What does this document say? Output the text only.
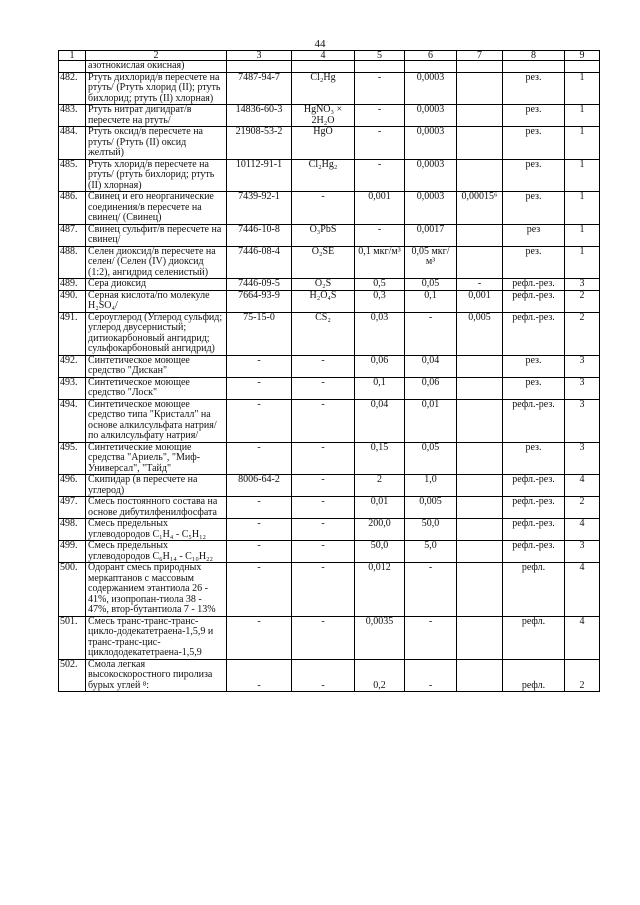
44
1	2	3	4	5	6	7	8	9
	азотнокислая окисная)							
482.	Ртуть дихлорид/в пересчете на ртуть/ (Ртуть хлорид (II); ртуть бихлорид; ртуть (II) хлорная)	7487-94-7	Cl₂Hg	-	0,0003		рез.	1
483.	Ртуть нитрат дигидрат/в пересчете на ртуть/	14836-60-3	HgNO₃ × 2H₂O	-	0,0003		рез.	1
484.	Ртуть оксид/в пересчете на ртуть/ (Ртуть (II) оксид желтый)	21908-53-2	HgO	-	0,0003		рез.	1
485.	Ртуть хлорид/в пересчете на ртуть/ (ртуть бихлорид; ртуть (II) хлорная)	10112-91-1	Cl₂Hg₂	-	0,0003		рез.	1
486.	Свинец и его неорганические соединения/в пересчете на свинец/ (Свинец)	7439-92-1	-	0,001	0,0003	0,00015⁶	рез.	1
487.	Свинец сульфит/в пересчете на свинец/	7446-10-8	O₃PbS	-	0,0017		рез	1
488.	Селен диоксид/в пересчете на селен/ (Селен (IV) диоксид (1:2), ангидрид селенистый)	7446-08-4	O₂SE	0,1 мкг/м³	0,05 мкг/м³		рез.	1
489.	Сера диоксид	7446-09-5	O₂S	0,5	0,05	-	рефл.-рез.	3
490.	Серная кислота/по молекуле H₂SO₄/	7664-93-9	H₂O₄S	0,3	0,1	0,001	рефл.-рез.	2
491.	Сероуглерод (Углерод сульфид; углерод двусернистый; дитиокарбоновый ангидрид; сульфокарбоновый ангидрид)	75-15-0	CS₂	0,03	-	0,005	рефл.-рез.	2
492.	Синтетическое моющее средство "Дискан"	-	-	0,06	0,04		рез.	3
493.	Синтетическое моющее средство "Лоск"	-	-	0,1	0,06		рез.	3
494.	Синтетическое моющее средство типа "Кристалл" на основе алкилсульфата натрия/по алкилсульфату натрия/	-	-	0,04	0,01		рефл.-рез.	3
495.	Синтетические моющие средства "Ариель", "Миф-Универсал", "Тайд"	-	-	0,15	0,05		рез.	3
496.	Скипидар (в пересчете на углерод)	8006-64-2	-	2	1,0		рефл.-рез.	4
497.	Смесь постоянного состава на основе дибутилфенилфосфата	-	-	0,01	0,005		рефл.-рез.	2
498.	Смесь предельных углеводородов C₁H₄ - C₅H₁₂	-	-	200,0	50,0		рефл.-рез.	4
499.	Смесь предельных углеводородов C₆H₁₄ - C₁₀H₂₂	-	-	50,0	5,0		рефл.-рез.	3
500.	Одорант смесь природных меркаптанов с массовым содержанием этантиола 26 - 41%, изопропан-тиола 38 - 47%, втор-бутантиола 7 - 13%	-	-	0,012	-		рефл.	4
501.	Смесь транс-транс-транс-цикло-додекатетраена-1,5,9 и транс-транс-цис-циклододекатетраена-1,5,9	-	-	0,0035	-		рефл.	4
502.	Смола легкая высокоскоростного пиролиза бурых углей ⁸:	-	-	0,2	-		рефл.	2
